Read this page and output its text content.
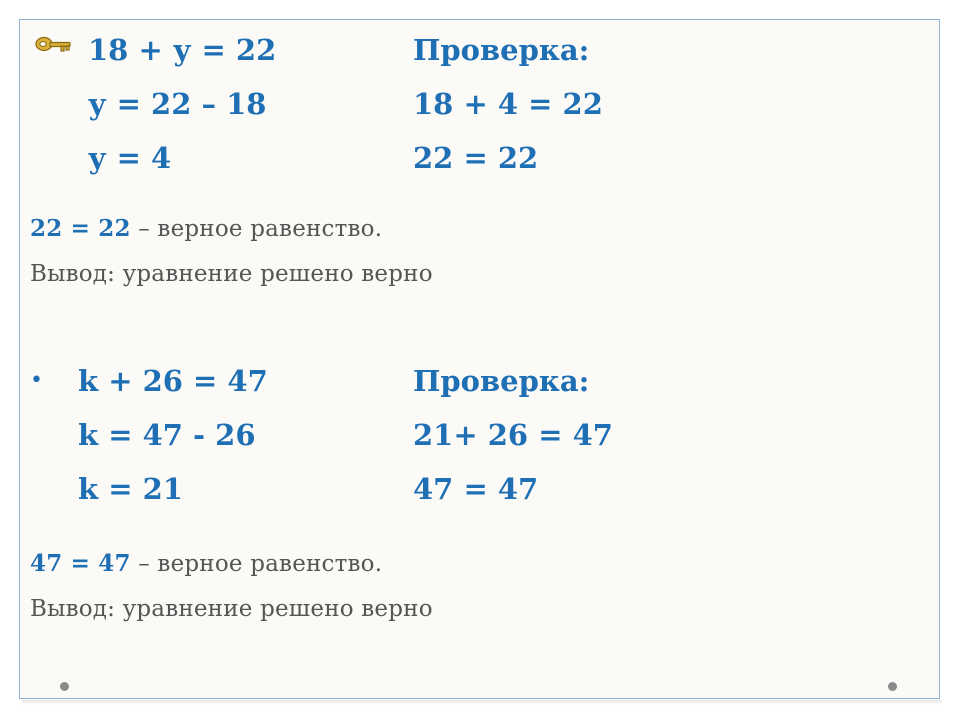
18 + у = 22
у = 22 – 18
у = 4
Проверка:
18 + 4 = 22
22 = 22
22 = 22 – верное равенство.
Вывод: уравнение решено верно
• k + 26 = 47
k = 47 - 26
k = 21
Проверка:
21+ 26 = 47
47 = 47
47 = 47 – верное равенство.
Вывод: уравнение решено верно
